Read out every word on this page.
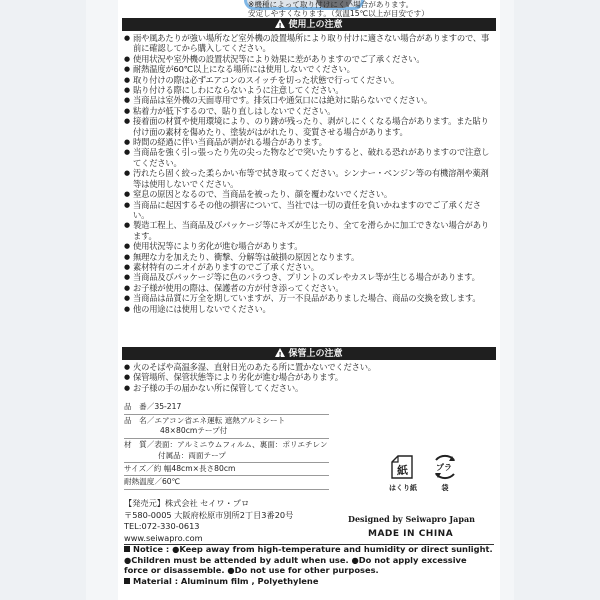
※機種によって取り付けにくい場合があります。
安定しやすくなります。（気温15℃以上が目安です）
!使用上の注意
● 雨や風あたりが強い場所など室外機の設置場所により取り付けに適さない場合がありますので、事前に確認してから購入してください。
● 使用状況や室外機の設置状況等により効果に差がありますのでご了承ください。
● 耐熱温度が60℃以上になる場所には使用しないでください。
● 取り付けの際は必ずエアコンのスイッチを切った状態で行ってください。
● 貼り付ける際にしわにならないように注意してください。
● 当商品は室外機の天面専用です。排気口や通気口には絶対に貼らないでください。
● 粘着力が低下するので、貼り直しはしないでください。
● 接着面の材質や使用環境により、のり跡が残ったり、剥がしにくくなる場合があります。また貼り付け面の素材を傷めたり、塗装がはがれたり、変質させる場合があります。
● 時間の経過に伴い当商品が剥がれる場合があります。
● 当商品を強く引っ張ったり先の尖った物などで突いたりすると、破れる恐れがありますので注意してください。
● 汚れたら固く絞った柔らかい布等で拭き取ってください。シンナー・ベンジン等の有機溶剤や薬剤等は使用しないでください。
● 窒息の原因となるので、当商品を被ったり、顔を覆わないでください。
● 当商品に起因するその他の損害について、当社では一切の責任を負いかねますのでご了承ください。
● 製造工程上、当商品及びパッケージ等にキズが生じたり、全てを滑らかに加工できない場合があります。
● 使用状況等により劣化が進む場合があります。
● 無理な力を加えたり、衝撃、分解等は破損の原因となります。
● 素材特有のニオイがありますのでご了承ください。
● 当商品及びパッケージ等に色のバラつき、プリントのズレやカスレ等が生じる場合があります。
● お子様が使用の際は、保護者の方が付き添ってください。
● 当商品は品質に万全を期していますが、万一不良品がありました場合、商品の交換を致します。
● 他の用途には使用しないでください。
!保管上の注意
● 火のそばや高温多湿、直射日光のあたる所に置かないでください。
● 保管場所、保管状態等により劣化が進む場合があります。
● お子様の手の届かない所に保管してください。
品　番／35-217
品　名／エアコン省エネ運転 遮熱アルミシート
48×80cmテープ付
材　質／表面：アルミニウムフィルム、裏面：ポリエチレン
付属品：両面テープ
サイズ／約 幅48cm×長さ80cm
耐熱温度／60℃
紙
はくり紙
プラ
袋
【発売元】株式会社 セイワ・プロ
〒580-0005 大阪府松原市別所2丁目3番20号
TEL:072-330-0613
www.seiwapro.com
Designed by Seiwapro Japan
MADE IN CHINA
Notice : ●Keep away from high-temperature and humidity or direct sunlight.
●Children must be attended by adult when use. ●Do not apply excessive
force or disassemble. ●Do not use for other purposes.
Material : Aluminum film , Polyethylene
